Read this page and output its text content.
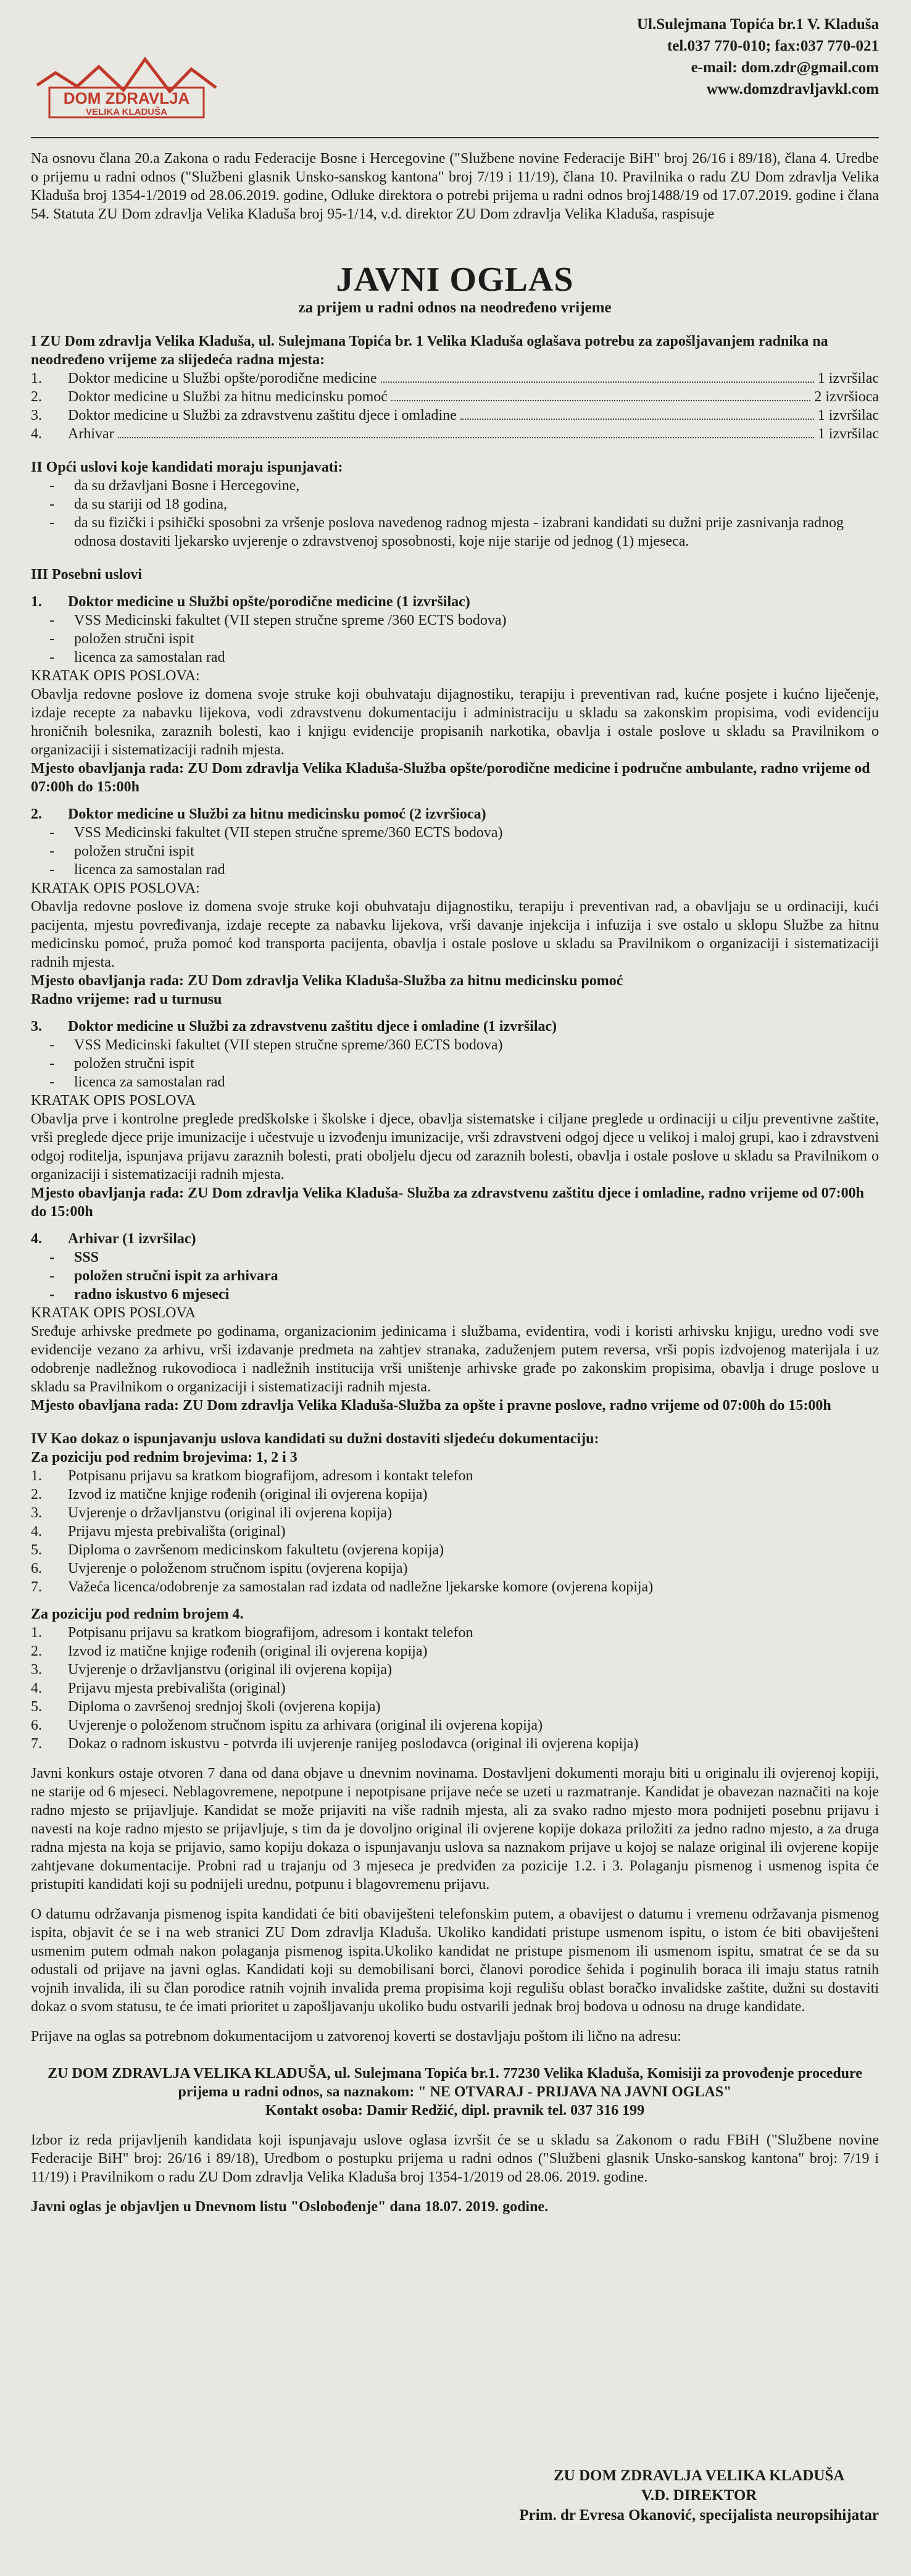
DOM ZDRAVLJA
VELIKA KLADUŠA
Ul.Sulejmana Topića br.1 V. Kladuša
tel.037 770-010; fax:037 770-021
e-mail: dom.zdr@gmail.com
www.domzdravljavkl.com
Na osnovu člana 20.a Zakona o radu Federacije Bosne i Hercegovine ("Službene novine Federacije BiH" broj 26/16 i 89/18), člana 4. Uredbe o prijemu u radni odnos ("Službeni glasnik Unsko-sanskog kantona" broj 7/19 i 11/19), člana 10. Pravilnika o radu ZU Dom zdravlja Velika Kladuša broj 1354-1/2019 od 28.06.2019. godine, Odluke direktora o potrebi prijema u radni odnos broj1488/19 od 17.07.2019. godine i člana 54. Statuta ZU Dom zdravlja Velika Kladuša broj 95-1/14, v.d. direktor ZU Dom zdravlja Velika Kladuša, raspisuje
JAVNI OGLAS
za prijem u radni odnos na neodređeno vrijeme
I ZU Dom zdravlja Velika Kladuša, ul. Sulejmana Topića br. 1 Velika Kladuša oglašava potrebu za zapošljavanjem radnika na neodređeno vrijeme za slijedeća radna mjesta:
1.	Doktor medicine u Službi opšte/porodične medicine	1 izvršilac
2.	Doktor medicine u Službi za hitnu medicinsku pomoć	2 izvršioca
3.	Doktor medicine u Službi za zdravstvenu zaštitu djece i omladine	1 izvršilac
4.	Arhivar	1 izvršilac
II Opći uslovi koje kandidati moraju ispunjavati:
- da su državljani Bosne i Hercegovine,
- da su stariji od 18 godina,
- da su fizički i psihički sposobni za vršenje poslova navedenog radnog mjesta - izabrani kandidati su dužni prije zasnivanja radnog odnosa dostaviti ljekarsko uvjerenje o zdravstvenoj sposobnosti, koje nije starije od jednog (1) mjeseca.
III Posebni uslovi
1.	Doktor medicine u Službi opšte/porodične medicine (1 izvršilac)
- VSS Medicinski fakultet (VII stepen stručne spreme /360 ECTS bodova)
- položen stručni ispit
- licenca za samostalan rad
KRATAK OPIS POSLOVA:
Obavlja redovne poslove iz domena svoje struke koji obuhvataju dijagnostiku, terapiju i preventivan rad, kućne posjete i kućno liječenje, izdaje recepte za nabavku lijekova, vodi zdravstvenu dokumentaciju i administraciju u skladu sa zakonskim propisima, vodi evidenciju hroničnih bolesnika, zaraznih bolesti, kao i knjigu evidencije propisanih narkotika, obavlja i ostale poslove u skladu sa Pravilnikom o organizaciji i sistematizaciji radnih mjesta.
Mjesto obavljanja rada: ZU Dom zdravlja Velika Kladuša-Služba opšte/porodične medicine i područne ambulante, radno vrijeme od 07:00h do 15:00h
2.	Doktor medicine u Službi za hitnu medicinsku pomoć (2 izvršioca)
- VSS Medicinski fakultet (VII stepen stručne spreme/360 ECTS bodova)
- položen stručni ispit
- licenca za samostalan rad
KRATAK OPIS POSLOVA:
Obavlja redovne poslove iz domena svoje struke koji obuhvataju dijagnostiku, terapiju i preventivan rad, a obavljaju se u ordinaciji, kući pacijenta, mjestu povređivanja, izdaje recepte za nabavku lijekova, vrši davanje injekcija i infuzija i sve ostalo u sklopu Službe za hitnu medicinsku pomoć, pruža pomoć kod transporta pacijenta, obavlja i ostale poslove u skladu sa Pravilnikom o organizaciji i sistematizaciji radnih mjesta.
Mjesto obavljanja rada: ZU Dom zdravlja Velika Kladuša-Služba za hitnu medicinsku pomoć
Radno vrijeme: rad u turnusu
3.	Doktor medicine u Službi za zdravstvenu zaštitu djece i omladine (1 izvršilac)
- VSS Medicinski fakultet (VII stepen stručne spreme/360 ECTS bodova)
- položen stručni ispit
- licenca za samostalan rad
KRATAK OPIS POSLOVA
Obavlja prve i kontrolne preglede predškolske i školske i djece, obavlja sistematske i ciljane preglede u ordinaciji u cilju preventivne zaštite, vrši preglede djece prije imunizacije i učestvuje u izvođenju imunizacije, vrši zdravstveni odgoj djece u velikoj i maloj grupi, kao i zdravstveni odgoj roditelja, ispunjava prijavu zaraznih bolesti, prati oboljelu djecu od zaraznih bolesti, obavlja i ostale poslove u skladu sa Pravilnikom o organizaciji i sistematizaciji radnih mjesta.
Mjesto obavljanja rada: ZU Dom zdravlja Velika Kladuša- Služba za zdravstvenu zaštitu djece i omladine, radno vrijeme od 07:00h do 15:00h
4.	Arhivar (1 izvršilac)
- SSS
- položen stručni ispit za arhivara
- radno iskustvo 6 mjeseci
KRATAK OPIS POSLOVA
Sređuje arhivske predmete po godinama, organizacionim jedinicama i službama, evidentira, vodi i koristi arhivsku knjigu, uredno vodi sve evidencije vezano za arhivu, vrši izdavanje predmeta na zahtjev stranaka, zaduženjem putem reversa, vrši popis izdvojenog materijala i uz odobrenje nadležnog rukovodioca i nadležnih institucija vrši uništenje arhivske građe po zakonskim propisima, obavlja i druge poslove u skladu sa Pravilnikom o organizaciji i sistematizaciji radnih mjesta.
Mjesto obavljana rada: ZU Dom zdravlja Velika Kladuša-Služba za opšte i pravne poslove, radno vrijeme od 07:00h do 15:00h
IV Kao dokaz o ispunjavanju uslova kandidati su dužni dostaviti sljedeću dokumentaciju:
Za poziciju pod rednim brojevima: 1, 2 i 3
1.	Potpisanu prijavu sa kratkom biografijom, adresom i kontakt telefon
2.	Izvod iz matične knjige rođenih (original ili ovjerena kopija)
3.	Uvjerenje o državljanstvu (original ili ovjerena kopija)
4.	Prijavu mjesta prebivališta (original)
5.	Diploma o završenom medicinskom fakultetu (ovjerena kopija)
6.	Uvjerenje o položenom stručnom ispitu (ovjerena kopija)
7.	Važeća licenca/odobrenje za samostalan rad izdata od nadležne ljekarske komore (ovjerena kopija)
Za poziciju pod rednim brojem 4.
1.	Potpisanu prijavu sa kratkom biografijom, adresom i kontakt telefon
2.	Izvod iz matične knjige rođenih (original ili ovjerena kopija)
3.	Uvjerenje o državljanstvu (original ili ovjerena kopija)
4.	Prijavu mjesta prebivališta (original)
5.	Diploma o završenoj srednjoj školi (ovjerena kopija)
6.	Uvjerenje o položenom stručnom ispitu za arhivara (original ili ovjerena kopija)
7.	Dokaz o radnom iskustvu - potvrda ili uvjerenje ranijeg poslodavca (original ili ovjerena kopija)
Javni konkurs ostaje otvoren 7 dana od dana objave u dnevnim novinama. Dostavljeni dokumenti moraju biti u originalu ili ovjerenoj kopiji, ne starije od 6 mjeseci. Neblagovremene, nepotpune i nepotpisane prijave neće se uzeti u razmatranje. Kandidat je obavezan naznačiti na koje radno mjesto se prijavljuje. Kandidat se može prijaviti na više radnih mjesta, ali za svako radno mjesto mora podnijeti posebnu prijavu i navesti na koje radno mjesto se prijavljuje, s tim da je dovoljno original ili ovjerene kopije dokaza priložiti za jedno radno mjesto, a za druga radna mjesta na koja se prijavio, samo kopiju dokaza o ispunjavanju uslova sa naznakom prijave u kojoj se nalaze original ili ovjerene kopije zahtjevane dokumentacije. Probni rad u trajanju od 3 mjeseca je predviđen za pozicije 1.2. i 3. Polaganju pismenog i usmenog ispita će pristupiti kandidati koji su podnijeli urednu, potpunu i blagovremenu prijavu.
O datumu održavanja pismenog ispita kandidati će biti obaviješteni telefonskim putem, a obavijest o datumu i vremenu održavanja pismenog ispita, objavit će se i na web stranici ZU Dom zdravlja Kladuša. Ukoliko kandidati pristupe usmenom ispitu, o istom će biti obaviješteni usmenim putem odmah nakon polaganja pismenog ispita.Ukoliko kandidat ne pristupe pismenom ili usmenom ispitu, smatrat će se da su odustali od prijave na javni oglas. Kandidati koji su demobilisani borci, članovi porodice šehida i poginulih boraca ili imaju status ratnih vojnih invalida, ili su član porodice ratnih vojnih invalida prema propisima koji regulišu oblast boračko invalidske zaštite, dužni su dostaviti dokaz o svom statusu, te će imati prioritet u zapošljavanju ukoliko budu ostvarili jednak broj bodova u odnosu na druge kandidate.
Prijave na oglas sa potrebnom dokumentacijom u zatvorenoj koverti se dostavljaju poštom ili lično na adresu:
ZU DOM ZDRAVLJA VELIKA KLADUŠA, ul. Sulejmana Topića br.1. 77230 Velika Kladuša, Komisiji za provođenje procedure prijema u radni odnos, sa naznakom: " NE OTVARAJ - PRIJAVA NA JAVNI OGLAS"
Kontakt osoba: Damir Redžić, dipl. pravnik tel. 037 316 199
Izbor iz reda prijavljenih kandidata koji ispunjavaju uslove oglasa izvršit će se u skladu sa Zakonom o radu FBiH ("Službene novine Federacije BiH" broj: 26/16 i 89/18), Uredbom o postupku prijema u radni odnos ("Službeni glasnik Unsko-sanskog kantona" broj: 7/19 i 11/19) i Pravilnikom o radu ZU Dom zdravlja Velika Kladuša broj 1354-1/2019 od 28.06. 2019. godine.
Javni oglas je objavljen u Dnevnom listu "Oslobođenje" dana 18.07. 2019. godine.
ZU DOM ZDRAVLJA VELIKA KLADUŠA
V.D. DIREKTOR
Prim. dr Evresa Okanović, specijalista neuropsihijatar
